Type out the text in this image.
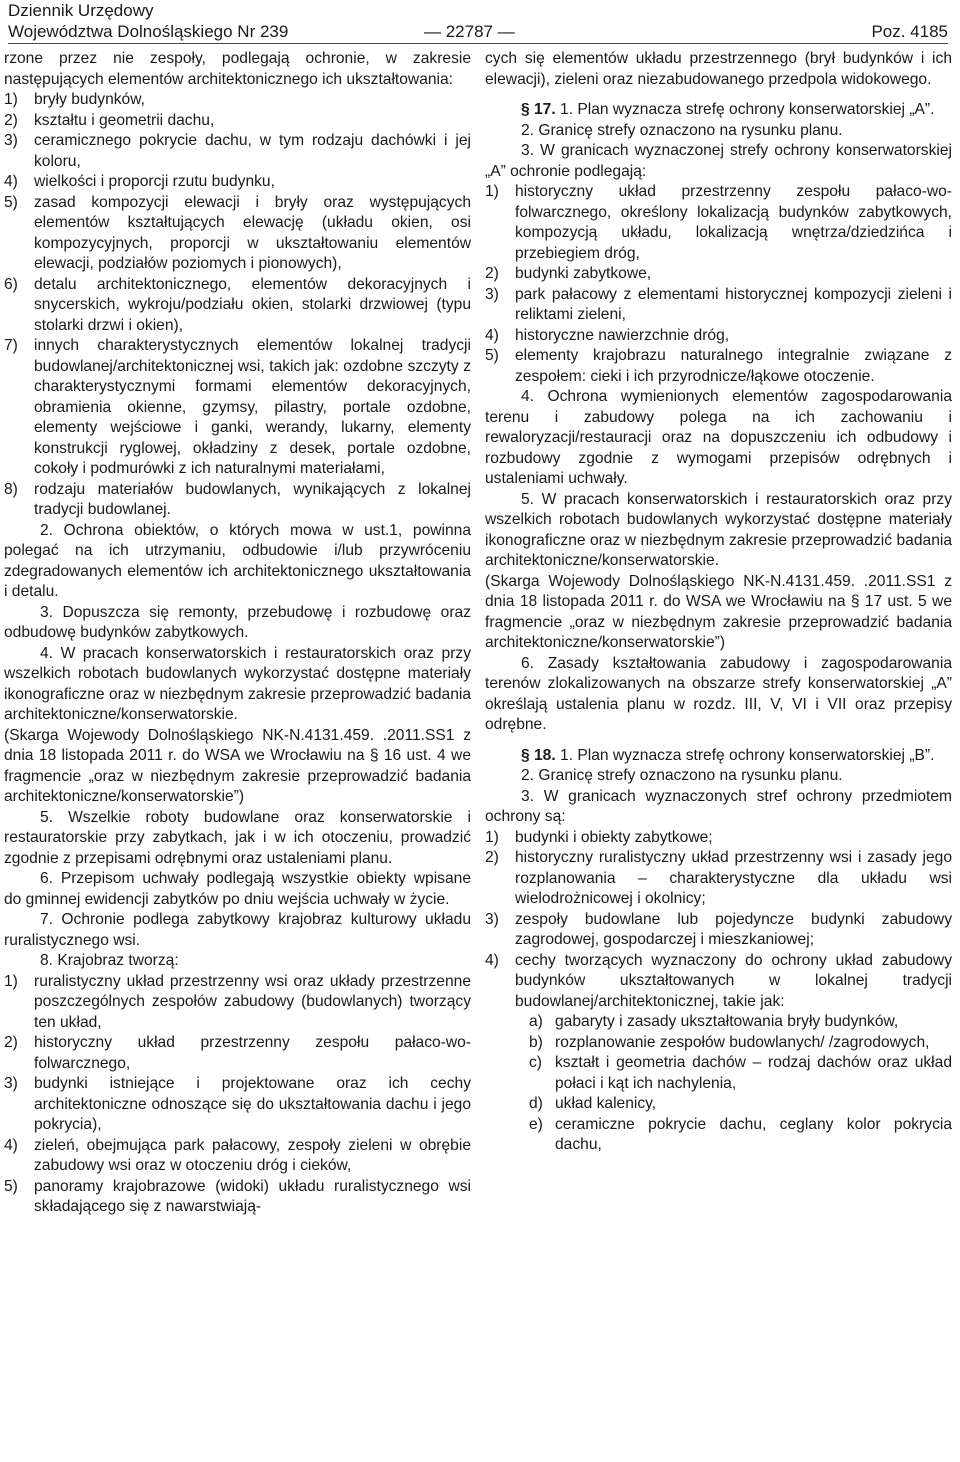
Dziennik Urzędowy
Województwa Dolnośląskiego Nr 239	— 22787 —	Poz. 4185

rzone przez nie zespoły, podlegają ochronie, w zakresie następujących elementów architektonicznego ich ukształtowania:

1)	bryły budynków,
2)	kształtu i geometrii dachu,
3)	ceramicznego pokrycie dachu, w tym rodzaju dachówki i jej koloru,
4)	wielkości i proporcji rzutu budynku,
5)	zasad kompozycji elewacji i bryły oraz występujących elementów kształtujących elewację (układu okien, osi kompozycyjnych, proporcji w ukształtowaniu elementów elewacji, podziałów poziomych i pionowych),
6)	detalu architektonicznego, elementów dekoracyjnych i snycerskich, wykroju/podziału okien, stolarki drzwiowej (typu stolarki drzwi i okien),
7)	innych charakterystycznych elementów lokalnej tradycji budowlanej/architektonicznej wsi, takich jak: ozdobne szczyty z charakterystycznymi formami elementów dekoracyjnych, obramienia okienne, gzymsy, pilastry, portale ozdobne, elementy wejściowe i ganki, werandy, lukarny, elementy konstrukcji ryglowej, okładziny z desek, portale ozdobne, cokoły i podmurówki z ich naturalnymi materiałami,
8)	rodzaju materiałów budowlanych, wynikających z lokalnej tradycji budowlanej.

2. Ochrona obiektów, o których mowa w ust.1, powinna polegać na ich utrzymaniu, odbudowie i/lub przywróceniu zdegradowanych elementów ich architektonicznego ukształtowania i detalu.

3. Dopuszcza się remonty, przebudowę i rozbudowę oraz odbudowę budynków zabytkowych.

4. W pracach konserwatorskich i restauratorskich oraz przy wszelkich robotach budowlanych wykorzystać dostępne materiały ikonograficzne oraz w niezbędnym zakresie przeprowadzić badania architektoniczne/konserwatorskie.

(Skarga Wojewody Dolnośląskiego NK-N.4131.459. .2011.SS1 z dnia 18 listopada 2011 r. do WSA we Wrocławiu na § 16 ust. 4 we fragmencie „oraz w niezbędnym zakresie przeprowadzić badania architektoniczne/konserwatorskie”)

5. Wszelkie roboty budowlane oraz konserwatorskie i restauratorskie przy zabytkach, jak i w ich otoczeniu, prowadzić zgodnie z przepisami odrębnymi oraz ustaleniami planu.

6. Przepisom uchwały podlegają wszystkie obiekty wpisane do gminnej ewidencji zabytków po dniu wejścia uchwały w życie.

7. Ochronie podlega zabytkowy krajobraz kulturowy układu ruralistycznego wsi.

8. Krajobraz tworzą:

1)	ruralistyczny układ przestrzenny wsi oraz układy przestrzenne poszczególnych zespołów zabudowy (budowlanych) tworzący ten układ,
2)	historyczny układ przestrzenny zespołu pałaco-wo-folwarcznego,
3)	budynki istniejące i projektowane oraz ich cechy architektoniczne odnoszące się do ukształtowania dachu i jego pokrycia),
4)	zieleń, obejmująca park pałacowy, zespoły zieleni w obrębie zabudowy wsi oraz w otoczeniu dróg i cieków,
5)	panoramy krajobrazowe (widoki) układu ruralistycznego wsi składającego się z nawarstwiają-

cych się elementów układu przestrzennego (brył budynków i ich elewacji), zieleni oraz niezabudowanego przedpola widokowego.

§ 17. 1. Plan wyznacza strefę ochrony konserwatorskiej „A”.

2. Granicę strefy oznaczono na rysunku planu.

3. W granicach wyznaczonej strefy ochrony konserwatorskiej „A” ochronie podlegają:

1)	historyczny układ przestrzenny zespołu pałaco-wo-folwarcznego, określony lokalizacją budynków zabytkowych, kompozycją układu, lokalizacją wnętrza/dziedzińca i przebiegiem dróg,
2)	budynki zabytkowe,
3)	park pałacowy z elementami historycznej kompozycji zieleni i reliktami zieleni,
4)	historyczne nawierzchnie dróg,
5)	elementy krajobrazu naturalnego integralnie związane z zespołem: cieki i ich przyrodnicze/łąkowe otoczenie.

4. Ochrona wymienionych elementów zagospodarowania terenu i zabudowy polega na ich zachowaniu i rewaloryzacji/restauracji oraz na dopuszczeniu ich odbudowy i rozbudowy zgodnie z wymogami przepisów odrębnych i ustaleniami uchwały.

5. W pracach konserwatorskich i restauratorskich oraz przy wszelkich robotach budowlanych wykorzystać dostępne materiały ikonograficzne oraz w niezbędnym zakresie przeprowadzić badania architektoniczne/konserwatorskie.

(Skarga Wojewody Dolnośląskiego NK-N.4131.459. .2011.SS1 z dnia 18 listopada 2011 r. do WSA we Wrocławiu na § 17 ust. 5 we fragmencie „oraz w niezbędnym zakresie przeprowadzić badania architektoniczne/konserwatorskie”)

6. Zasady kształtowania zabudowy i zagospodarowania terenów zlokalizowanych na obszarze strefy konserwatorskiej „A” określają ustalenia planu w rozdz. III, V, VI i VII oraz przepisy odrębne.

§ 18. 1. Plan wyznacza strefę ochrony konserwatorskiej „B”.

2. Granicę strefy oznaczono na rysunku planu.

3. W granicach wyznaczonych stref ochrony przedmiotem ochrony są:

1)	budynki i obiekty zabytkowe;
2)	historyczny ruralistyczny układ przestrzenny wsi i zasady jego rozplanowania – charakterystyczne dla układu wsi wielodrożnicowej i okolnicy;
3)	zespoły budowlane lub pojedyncze budynki zabudowy zagrodowej, gospodarczej i mieszkaniowej;
4)	cechy tworzących wyznaczony do ochrony układ zabudowy budynków ukształtowanych w lokalnej tradycji budowlanej/architektonicznej, takie jak:
a) gabaryty i zasady ukształtowania bryły budynków,
b) rozplanowanie zespołów budowlanych/ /zagrodowych,
c) kształt i geometria dachów – rodzaj dachów oraz układ połaci i kąt ich nachylenia,
d) układ kalenicy,
e) ceramiczne pokrycie dachu, ceglany kolor pokrycia dachu,
